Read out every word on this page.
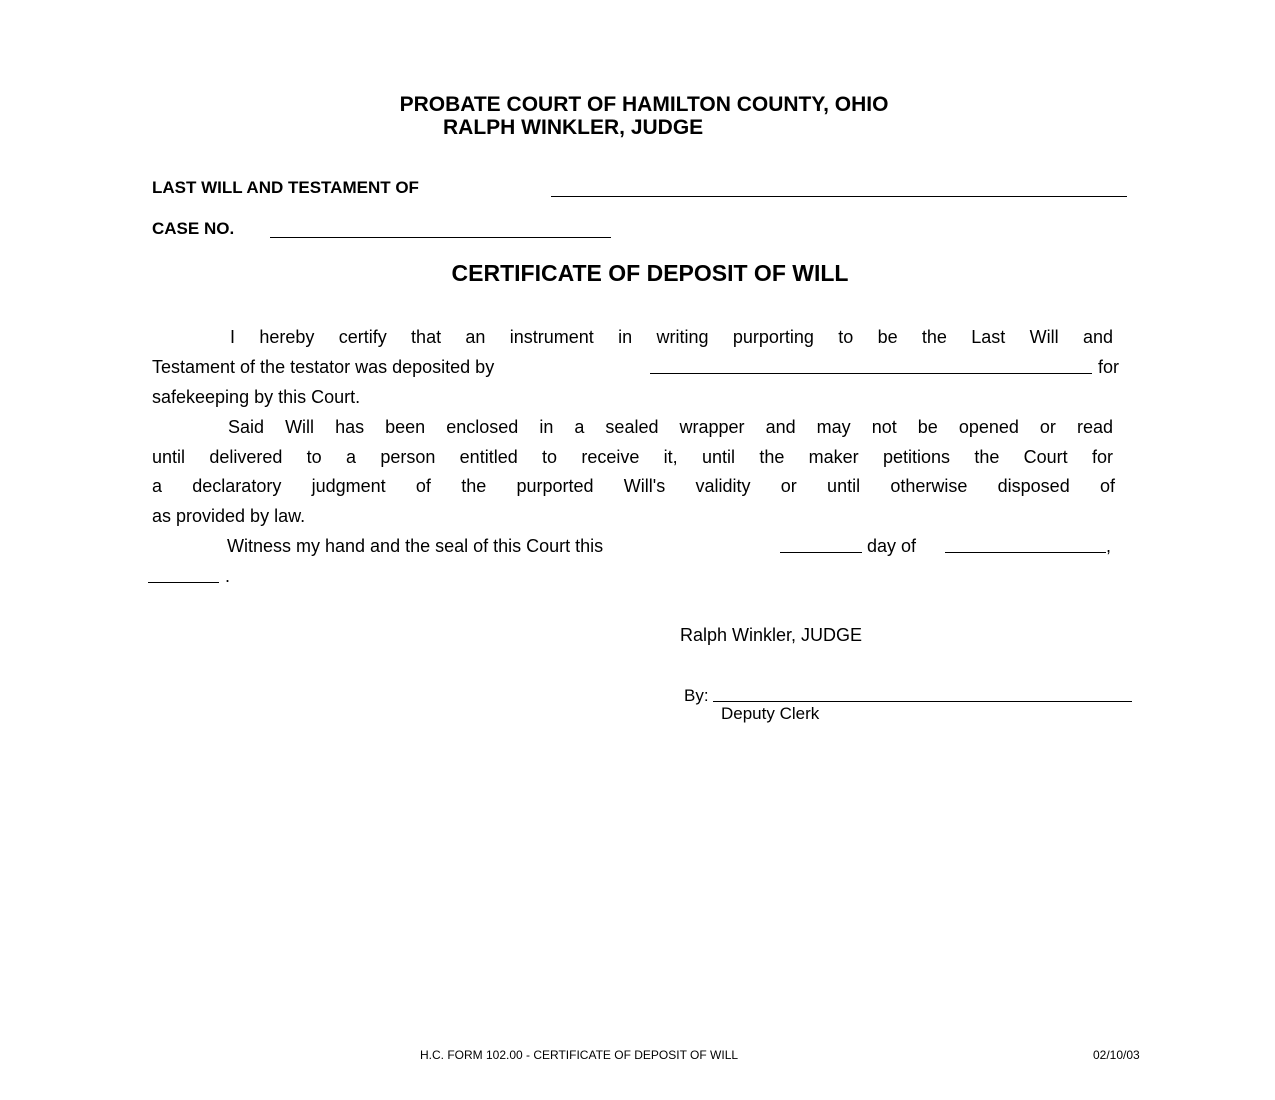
PROBATE COURT OF HAMILTON COUNTY, OHIO
RALPH WINKLER, JUDGE
LAST WILL AND TESTAMENT OF
CASE NO.
CERTIFICATE OF DEPOSIT OF WILL
I hereby certify that an instrument in writing purporting to be the Last Will and
Testament of the testator was deposited by	for
safekeeping by this Court.
Said Will has been enclosed in a sealed wrapper and may not be opened or read
until delivered to a person entitled to receive it, until the maker petitions the Court for
a declaratory judgment of the purported Will's validity or until otherwise disposed of
as provided by law.
Witness my hand and the seal of this Court this	day of	,
.
Ralph Winkler, JUDGE
By:
Deputy Clerk
H.C. FORM 102.00 - CERTIFICATE OF DEPOSIT OF WILL	02/10/03
